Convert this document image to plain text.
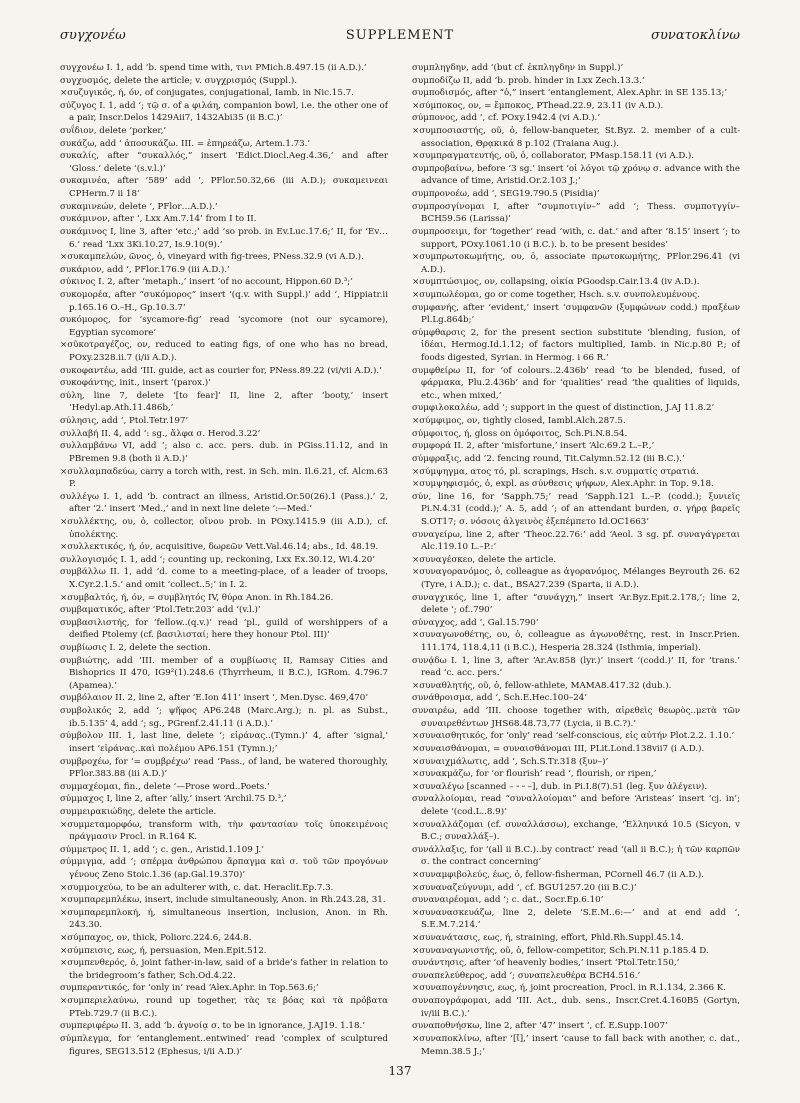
συγχονέω	SUPPLEMENT	συνατοκλίνω

συγχονέω I. 1, add ‘b. spend time with, τινι PMich.8.497.15 (ii A.D.).’

συγχυσμός, delete the article; v. συγχρισμός (Suppl.).

×συζυγικός, ή, όν, of conjugates, conjugational, Iamb. in Nic.15.7.

σύζυγος I. 1, add ‘; τῷ σ. of a φιλάη, companion bowl, i.e. the other one of a pair, Inscr.Delos 1429Aii7, 1432Abi35 (ii B.C.)’

συΐδιον, delete ‘porker,’

συκάζω, add ‘ ἀποσυκάζω. III. = ἐπηρεάζω, Artem.1.73.’

συκαλίς, after “συκαλλός,” insert ‘Edict.Diocl.Aeg.4.36,’ and after ‘Gloss.’ delete ‘(s.v.l.)’

συκαμινέα, after ‘589’ add ‘, PFlor.50.32,66 (iii A.D.); συκαμεινεαι CPHerm.7 ii 18’

συκαμινεών, delete ‘, PFlor…A.D.).’

συκάμινον, after ‘, Lxx Am.7.14’ from I to II.

συκάμινος I, line 3, after ‘etc.;’ add ‘so prob. in Ev.Luc.17.6;’ II, for ‘Ev…6.’ read ‘Lxx 3Ki.10.27, Is.9.10(9).’

×συκαμπελών, ῶνος, ὁ, vineyard with fig-trees, PNess.32.9 (vi A.D.).

συκάριον, add ‘, PFlor.176.9 (iii A.D.).’

σύκινος I. 2, after ‘metaph.,’ insert ‘of no account, Hippon.60 D.³;’

συκομορέα, after “συκόμορος” insert ‘(q.v. with Suppl.)’ add ‘, Hippiatr.ii p.165.16 O.–H., Gp.10.3.7’

συκόμορος, for ‘sycamore-fig’ read ‘sycomore (not our sycamore), Egyptian sycomore’

×σῦκοτραγέζος, ον, reduced to eating figs, of one who has no bread, POxy.2328.ii.7 (i/ii A.D.).

συκοφαντέω, add ‘III. guide, act as courier for, PNess.89.22 (vi/vii A.D.).’

συκοφάντης, init., insert ‘(parox.)’

σύλη, line 7, delete ‘[to fear]’ II, line 2, after ‘booty,’ insert ‘Hedyl.ap.Ath.11.486b,’

σύλησις, add ‘, Ptol.Tetr.197’

συλλαβή II. 4, add ‘: sg., ἄλφα σ. Herod.3.22’

συλλαμβάνω VI, add ‘; also c. acc. pers. dub. in PGiss.11.12, and in PBremen 9.8 (both ii A.D.)’

×συλλαμπαδεύω, carry a torch with, rest. in Sch. min. Il.6.21, cf. Alcm.63 P.

συλλέγω I. 1, add ‘b. contract an illness, Aristid.Or.50(26).1 (Pass.).’ 2, after ‘2.’ insert ‘Med.,’ and in next line delete ‘:—Med.’

×συλλέκτης, ου, ὁ, collector, οἴνου prob. in POxy.1415.9 (iii A.D.), cf. ὑπολέκτης.

×συλλεκτικός, ή, όν, acquisitive, δωρεῶν Vett.Val.46.14; abs., Id. 48.19.

συλλογισμός I. 1, add ‘; counting up, reckoning, Lxx Ex.30.12, Wi.4.20’

συμβάλλω II. 1, add ‘d. come to a meeting-place, of a leader of troops, X.Cyr.2.1.5.’ and omit ‘collect..5;’ in I. 2.

×συμβαλτός, ή, όν, = συμβλητός IV, θύρα Anon. in Rh.184.26.

συμβαματικός, after ‘Ptol.Tetr.203’ add ‘(v.l.)’

συμβασιλιστής, for ‘fellow..(q.v.)’ read ‘pl., guild of worshippers of a deified Ptolemy (cf. βασιλισταί; here they honour Ptol. III)’

συμβίωσις I. 2, delete the section.

συμβιώτης, add ‘III. member of a συμβίωσις II, Ramsay Cities and Bishoprics II 470, IG9²(1).248.6 (Thyrrheum, ii B.C.), IGRom. 4.796.7 (Apamea).’

συμβόλαιον II. 2, line 2, after ‘E.Ion 411’ insert ‘, Men.Dysc. 469,470’

συμβολικός 2, add ‘; ψῆφος AP6.248 (Marc.Arg.); n. pl. as Subst., ib.5.135’ 4, add ‘; sg., PGrenf.2.41.11 (i A.D.).’

σύμβολον III. 1, last line, delete ‘; εἰράνας..(Tymn.)’ 4, after ‘signal,’ insert ‘εἰράνας..καὶ πολέμου AP6.151 (Tymn.);’

συμβροχέω, for ‘= συμβρέχω’ read ‘Pass., of land, be watered thoroughly, PFlor.383.88 (iii A.D.)’

συμμαχέομαι, fin., delete ‘—Prose word..Poets.’

σύμμαχος I, line 2, after ‘ally,’ insert ‘Archil.75 D.³,’

συμμειρακιώδης, delete the article.

×συμμεταμορφόω, transform with, τὴν φαντασίαν τοῖς ὑποκειμένοις πράγμασιν Procl. in R.164 K.

σύμμετρος II. 1, add ‘; c. gen., Aristid.1.109 J.’

σύμμιγμα, add ‘; σπέρμα ἀνθρώπου ἄρπαγμα καὶ σ. τοῦ τῶν προγόνων γένους Zeno Stoic.1.36 (ap.Gal.19.370)’

×συμμοιχεύω, to be an adulterer with, c. dat. Heraclit.Ep.7.3.

×συμπαρεμπλέκω, insert, include simultaneously, Anon. in Rh.243.28, 31.

×συμπαρεμπλοκή, ή, simultaneous insertion, inclusion, Anon. in Rh. 243.30.

×σύμπαχος, ον, thick, Poliorc.224.6, 244.8.

×σύμπεισις, εως, ή, persuasion, Men.Epit.512.

×συμπενθερός, ὁ, joint father-in-law, said of a bride’s father in relation to the bridegroom’s father, Sch.Od.4.22.

συμπεραντικός, for ‘only in’ read ‘Alex.Aphr. in Top.563.6;’

×συμπεριελαύνω, round up together, τὰς τε βόας καὶ τὰ πρόβατα PTeb.729.7 (ii B.C.).

συμπεριφέρω II. 3, add ‘b. ἀγνοίᾳ σ. to be in ignorance, J.AJ19. 1.18.’

σύμπλεγμα, for ‘entanglement..entwined’ read ‘complex of sculptured figures, SEG13.512 (Ephesus, i/ii A.D.)’

συμπληγδην, add ‘(but cf. ἐκπληγδην in Suppl.)’

συμποδίζω II, add ‘b. prob. hinder in Lxx Zech.13.3.’

συμποδισμός, after “ὁ,” insert ‘entanglement, Alex.Aphr. in SE 135.13;’

×σύμποκος, ον, = ἔμποκος, PThead.22.9, 23.11 (iv A.D.).

σύμπονος, add ‘, cf. POxy.1942.4 (vi A.D.).’

×συμποσιαστής, οῦ, ὁ, fellow-banqueter, St.Byz. 2. member of a cult-association, Θρᾳκικά 8 p.102 (Traiana Aug.).

×συμπραγματευτής, οῦ, ὁ, collaborator, PMasp.158.11 (vi A.D.).

συμπροβαίνω, before ‘3 sg.’ insert ‘οἱ λόγοι τῷ χρόνῳ σ. advance with the advance of time, Aristid.Or.2.103 J.;’

συμπρονοέω, add ‘, SEG19.790.5 (Pisidia)’

συμπροσγίνομαι I, after “συμποτιγίν–” add ‘; Thess. συμποτγγίν– BCH59.56 (Larissa)’

συμπροσειμι, for ‘together’ read ‘with, c. dat.’ and after ‘8.15’ insert ‘; to support, POxy.1061.10 (i B.C.). b. to be present besides’

×συμπρωτοκωμήτης, ου, ὁ, associate πρωτοκωμήτης, PFlor.296.41 (vi A.D.).

×συμπτώσιμος, ον, collapsing, οἰκία PGoodsp.Cair.13.4 (iv A.D.).

×συμπωλέομαι, go or come together, Hsch. s.v. συνπολευμένους.

συμφανής, after ‘evident,’ insert ‘συμφανῶν (ξυμφώνων codd.) πραξέων Pl.Lg.864b;’

σύμφθαρσις 2, for the present section substitute ‘blending, fusion, of ἰδέαι, Hermog.Id.1.12; of factors multiplied, Iamb. in Nic.p.80 P.; of foods digested, Syrian. in Hermog. i 66 R.’

συμφθείρω II, for ‘of colours..2.436b’ read ‘to be blended, fused, of φάρμακα, Plu.2.436b’ and for ‘qualities’ read ‘the qualities of liquids, etc., when mixed,’

συμφιλοκαλέω, add ‘; support in the quest of distinction, J.AJ 11.8.2’

×σύμφιμος, ον, tightly closed, Iambl.Alch.287.5.

σύμφοιτος, ή, gloss on ὁμόφοιτος, Sch.Pi.N.8.54.

συμφορά II. 2, after ‘misfortune,’ insert ‘Alc.69.2 L.–P.,’

σύμφραξις, add ‘2. fencing round, Tit.Calymn.52.12 (iii B.C.).’

×σύμψηγμα, ατος τό, pl. scrapings, Hsch. s.v. συμματίς στρατιά.

×συμψηφισμός, ὁ, expl. as σύνθεσις ψήφων, Alex.Aphr. in Top. 9.18.

σύν, line 16, for ‘Sapph.75;’ read ‘Sapph.121 L.–P. (codd.); ξυνιεῖς Pi.N.4.31 (codd.);’ A. 5, add ‘; of an attendant burden, σ. γήρᾳ βαρεῖς S.OT17; σ. νόσοις ἀλγεινὸς ἐξεπέμπετο Id.OC1663’

συναγείρω, line 2, after ‘Theoc.22.76:’ add ‘Aeol. 3 sg. pf. συναγάγρεται Alc.119.10 L.–P.:’

×συναγέσκεο, delete the article.

×συναγορανόμος, ὁ, colleague as ἀγορανόμος, Mélanges Beyrouth 26. 62 (Tyre, i A.D.); c. dat., BSA27.239 (Sparta, ii A.D.).

συναγχικός, line 1, after “συνάγχη,” insert ‘Ar.Byz.Epit.2.178,’; line 2, delete ‘; of..790’

σύναγχος, add ‘, Gal.15.790’

×συναγωνοθέτης, ου, ὁ, colleague as ἀγωνοθέτης, rest. in Inscr.Prien. 111.174, 118.4,11 (i B.C.), Hesperia 28.324 (Isthmia, imperial).

συνᾴδω I. 1, line 3, after ‘Ar.Av.858 (lyr.)’ insert ‘(codd.)’ II, for ‘trans.’ read ‘c. acc. pers.’

×συναθλητής, οῦ, ὁ, fellow-athlete, MAMA8.417.32 (dub.).

συνάθροισμα, add ‘, Sch.E.Hec.100–24’

συναιρέω, add ‘III. choose together with, αἱρεθεὶς θεωρὸς..μετὰ τῶν συναιρεθέντων JHS68.48.73,77 (Lycia, ii B.C.?).’

×συναισθητικός, for ‘only’ read ‘self-conscious, εἰς αὐτήν Plot.2.2. 1.10.’

×συναισθάνομαι, = συναισθάνομαι III, PLit.Lond.138vii7 (i A.D.).

×συναιχμάλωτις, add ‘, Sch.S.Tr.318 (ξυν–)’

×συνακμάζω, for ‘or flourish’ read ‘, flourish, or ripen,’

×συναλέγω [scanned – ⏑ ⏑ –], dub. in Pi.I.8(7).51 (leg. ξυν ἀλέγειν).

συναλλοίομαι, read “συναλλοίομαι” and before ‘Aristeas’ insert ‘cj. in’; delete ‘(cod.L..8.9)’

×συναλλάζομαι (cf. συναλλάσσω), exchange, ‘Ἑλληνικά 10.5 (Sicyon, v B.C.; συναλλάξ–).

συνάλλαξις, for ‘(all ii B.C.)..by contract’ read ‘(all ii B.C.); ἡ τῶν καρπῶν σ. the contract concerning’

×συναμφιβολεύς, έως, ὁ, fellow-fisherman, PCornell 46.7 (ii A.D.).

×συναναζεύγνυμι, add ‘, cf. BGU1257.20 (iii B.C.)’

συναναιρέομαι, add ‘; c. dat., Socr.Ep.6.10’

×συνανασκευάζω, line 2, delete ‘S.E.M..6:—’ and at end add ‘, S.E.M.7.214.’

×συνανάτασις, εως, ή, straining, effort, Phld.Rh.Suppl.45.14.

×συναναγωνιστής, οῦ, ὁ, fellow-competitor, Sch.Pi.N.11 p.185.4 D.

συνάντησις, after ‘of heavenly bodies,’ insert ‘Ptol.Tetr.150,’

συναπελεύθερος, add ‘; συναπελευθέρα BCH4.516.’

×συναπογέννησις, εως, ή, joint procreation, Procl. in R.1.134, 2.366 K.

συναπογράφομαι, add ‘III. Act., dub. sens., Inscr.Cret.4.160B5 (Gortyn, iv/iii B.C.).’

συναποθνήσκω, line 2, after ‘47’ insert ‘, cf. E.Supp.1007’

×συναποκλίνω, after ‘[ἴ],’ insert ‘cause to fall back with another, c. dat., Memn.38.5 J.;’

137
